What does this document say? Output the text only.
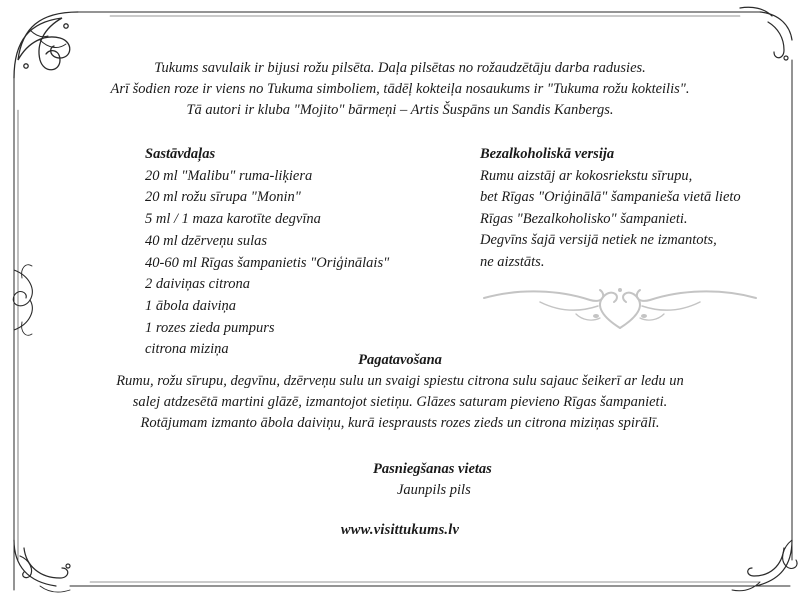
Tukums savulaik ir bijusi rožu pilsēta. Daļa pilsētas no rožaudzētāju darba radusies.
Arī šodien roze ir viens no Tukuma simboliem, tādēļ kokteiļa nosaukums ir "Tukuma rožu kokteilis".
Tā autori ir kluba "Mojito" bārmeņi – Artis Šuspāns un Sandis Kanbergs.
Sastāvdaļas
20 ml "Malibu" ruma-liķiera
20 ml rožu sīrupa "Monin"
5 ml / 1 maza karotīte degvīna
40 ml dzērveņu sulas
40-60 ml Rīgas šampanietis "Oriģinālais"
2 daiviņas citrona
1 ābola daiviņa
1 rozes zieda pumpurs
citrona miziņa
Bezalkoholiskā versija
Rumu aizstāj ar kokosriekstu sīrupu,
bet Rīgas "Oriģinālā" šampanieša vietā lieto
Rīgas "Bezalkoholisko" šampanieti.
Degvīns šajā versijā netiek ne izmantots,
ne aizstāts.
Pagatavošana
Rumu, rožu sīrupu, degvīnu, dzērveņu sulu un svaigi spiestu citrona sulu sajauc šeikerī ar ledu un
salej atdzesētā martini glāzē, izmantojot sietiņu. Glāzes saturam pievieno Rīgas šampanieti.
Rotājumam izmanto ābola daiviņu, kurā iesprausts rozes zieds un citrona miziņas spirālī.
Pasniegšanas vietas
Jaunpils pils
www.visittukums.lv
